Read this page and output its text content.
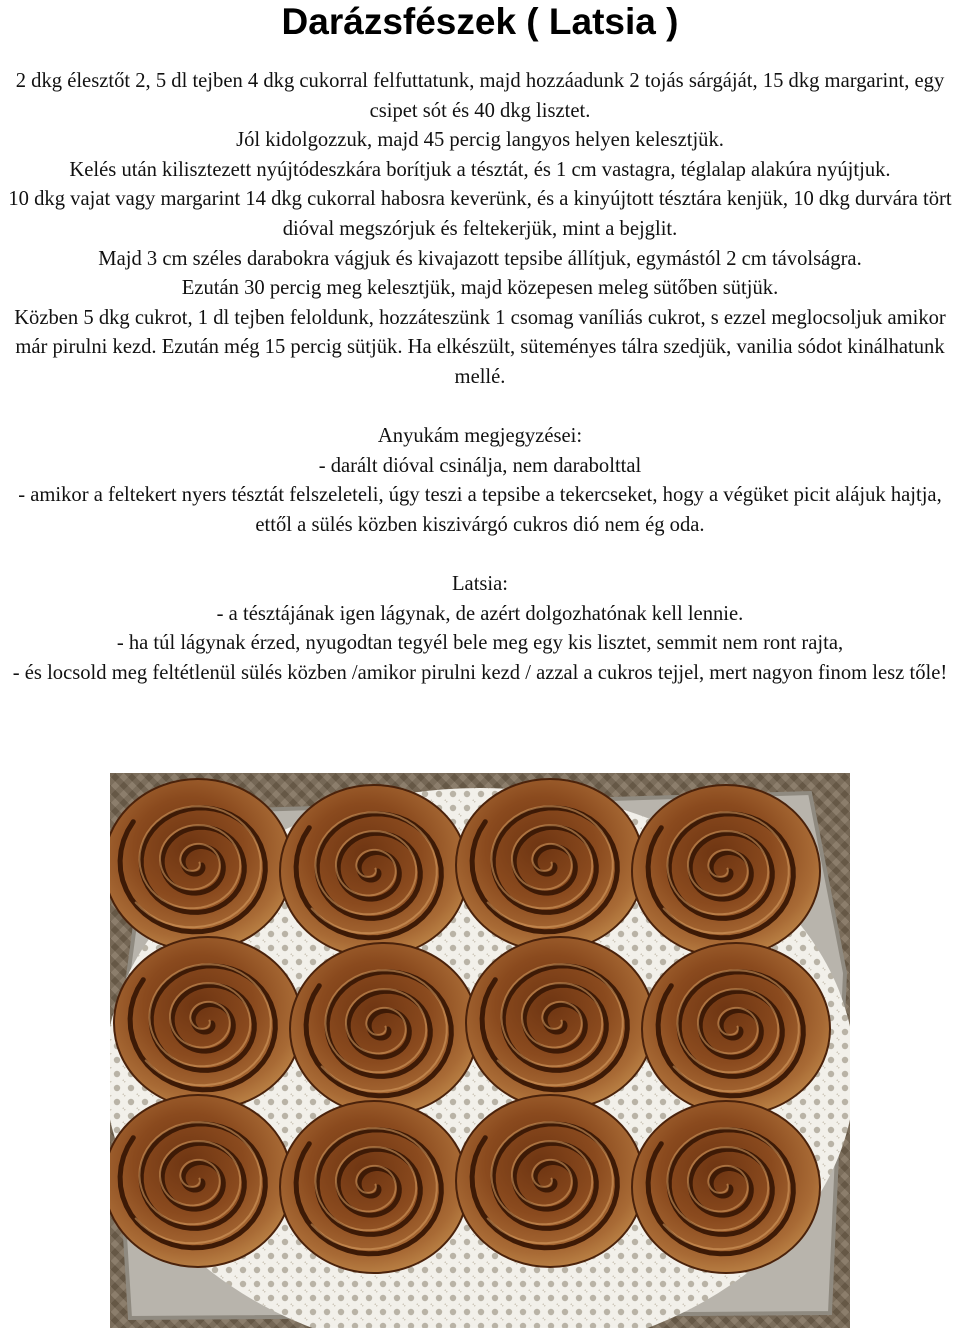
Darázsfészek ( Latsia )

2 dkg élesztőt 2, 5 dl tejben 4 dkg cukorral felfuttatunk, majd hozzáadunk 2 tojás sárgáját, 15 dkg margarint, egy csipet sót és 40 dkg lisztet.

Jól kidolgozzuk, majd 45 percig langyos helyen kelesztjük.

Kelés után kilisztezett nyújtódeszkára borítjuk a tésztát, és 1 cm vastagra, téglalap alakúra nyújtjuk.

10 dkg vajat vagy margarint 14 dkg cukorral habosra keverünk, és a kinyújtott tésztára kenjük, 10 dkg durvára tört dióval megszórjuk és feltekerjük, mint a bejglit.

Majd 3 cm széles darabokra vágjuk és kivajazott tepsibe állítjuk, egymástól 2 cm távolságra.

Ezután 30 percig meg kelesztjük, majd közepesen meleg sütőben sütjük.

Közben 5 dkg cukrot, 1 dl tejben feloldunk, hozzáteszünk 1 csomag vaníliás cukrot, s ezzel meglocsoljuk amikor már pirulni kezd. Ezután még 15 percig sütjük. Ha elkészült, süteményes tálra szedjük, vanilia sódot kinálhatunk mellé.

Anyukám megjegyzései:

- darált dióval csinálja, nem darabolttal

- amikor a feltekert nyers tésztát felszeleteli, úgy teszi a tepsibe a tekercseket, hogy a végüket picit alájuk hajtja, ettől a sülés közben kiszivárgó cukros dió nem ég oda.

Latsia:

- a tésztájának igen lágynak, de azért dolgozhatónak kell lennie.

- ha túl lágynak érzed, nyugodtan tegyél bele meg egy kis lisztet, semmit nem ront rajta,

- és locsold meg feltétlenül sülés közben /amikor pirulni kezd / azzal a cukros tejjel, mert nagyon finom lesz tőle!
